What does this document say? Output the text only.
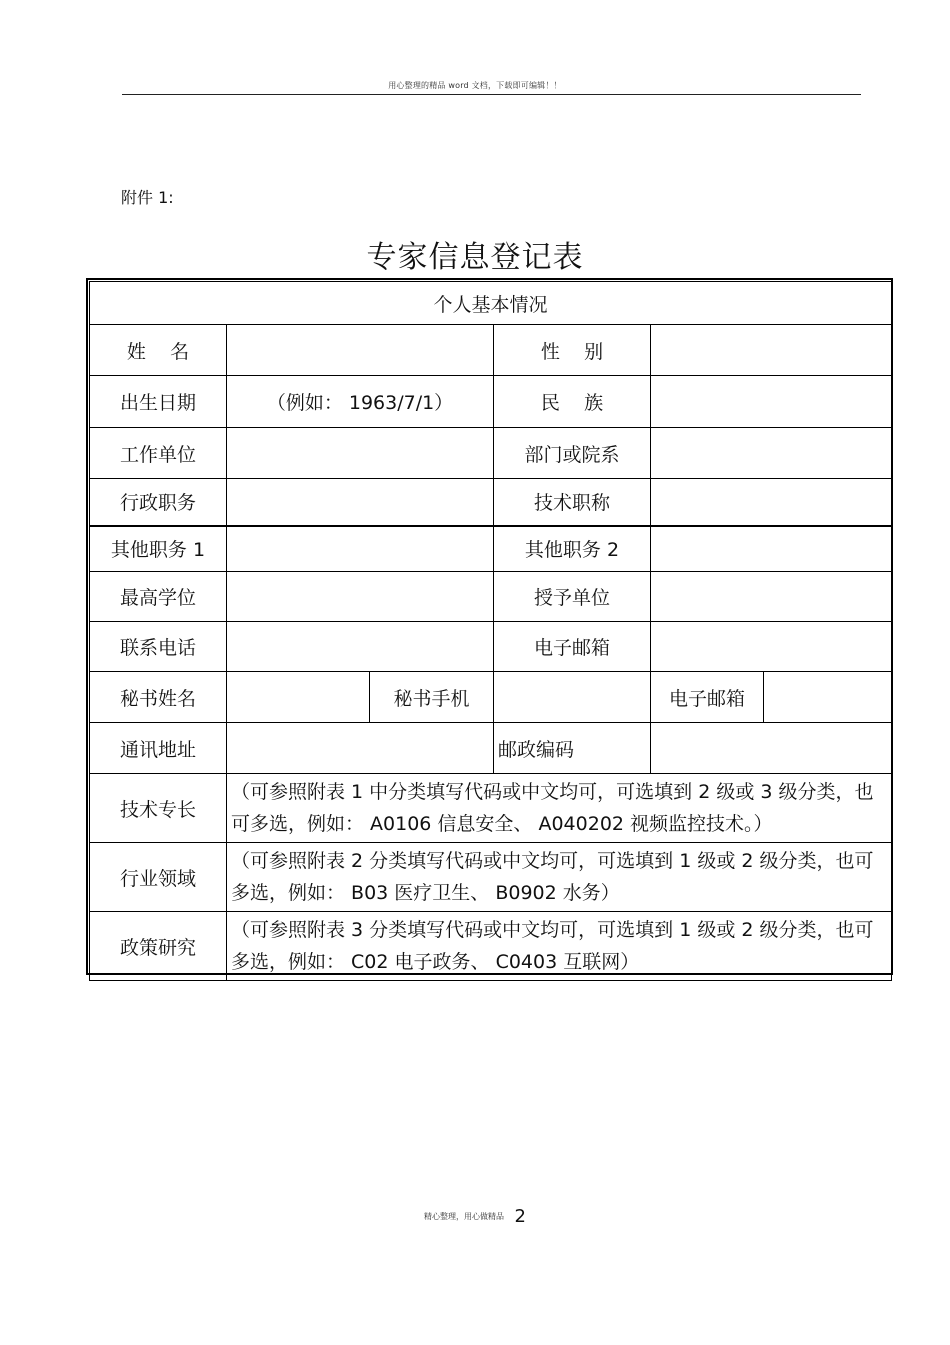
用心整理的精品 word 文档，下载即可编辑！！
附件 1:
专家信息登记表
个人基本情况					
姓    名			性    别		
出生日期	（例如： 1963/7/1）		民    族		
工作单位			部门或院系		
行政职务			技术职称		
其他职务 1			其他职务 2		
最高学位			授予单位		
联系电话			电子邮箱		
秘书姓名		秘书手机		电子邮箱	
通讯地址			邮政编码		
技术专长	（可参照附表 1 中分类填写代码或中文均可，可选填到 2 级或 3 级分类，也可多选，例如： A0106 信息安全、 A040202 视频监控技术。）				
行业领域	（可参照附表 2 分类填写代码或中文均可，可选填到 1 级或 2 级分类，也可多选，例如： B03 医疗卫生、 B0902 水务）				
政策研究	（可参照附表 3 分类填写代码或中文均可，可选填到 1 级或 2 级分类，也可多选，例如： C02 电子政务、 C0403 互联网）				
精心整理，用心做精品 2
